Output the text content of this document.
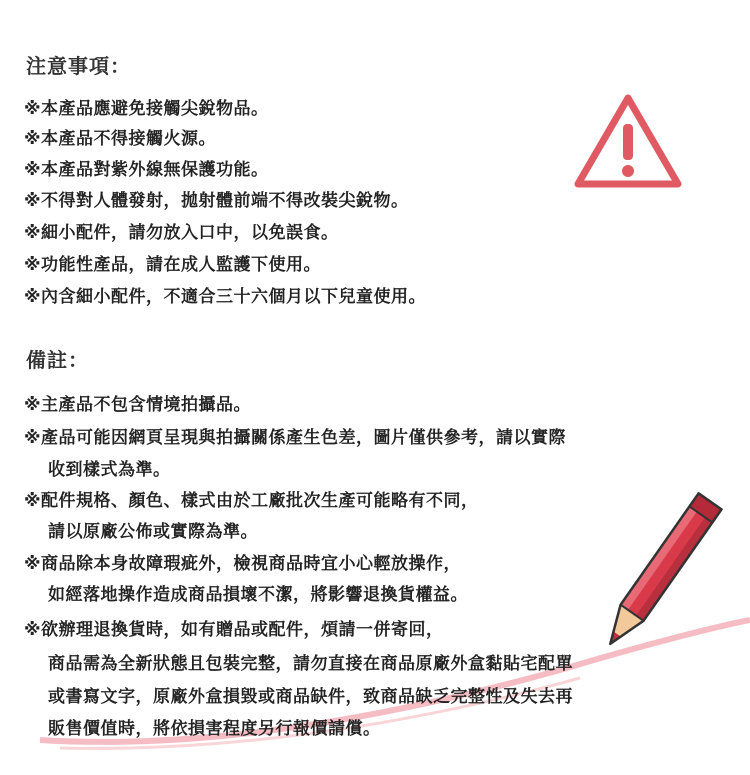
注意事項：
※本產品應避免接觸尖銳物品。
※本產品不得接觸火源。
※本產品對紫外線無保護功能。
※不得對人體發射，拋射體前端不得改裝尖銳物。
※細小配件，請勿放入口中，以免誤食。
※功能性產品，請在成人監護下使用。
※內含細小配件，不適合三十六個月以下兒童使用。
備註：
※主產品不包含情境拍攝品。
※產品可能因網頁呈現與拍攝關係產生色差，圖片僅供參考，請以實際
收到樣式為準。
※配件規格、顏色、樣式由於工廠批次生產可能略有不同，
請以原廠公佈或實際為準。
※商品除本身故障瑕疵外，檢視商品時宜小心輕放操作，
如經落地操作造成商品損壞不潔，將影響退換貨權益。
※欲辦理退換貨時，如有贈品或配件，煩請一併寄回，
商品需為全新狀態且包裝完整，請勿直接在商品原廠外盒黏貼宅配單
或書寫文字，原廠外盒損毀或商品缺件，致商品缺乏完整性及失去再
販售價值時，將依損害程度另行報價請償。
